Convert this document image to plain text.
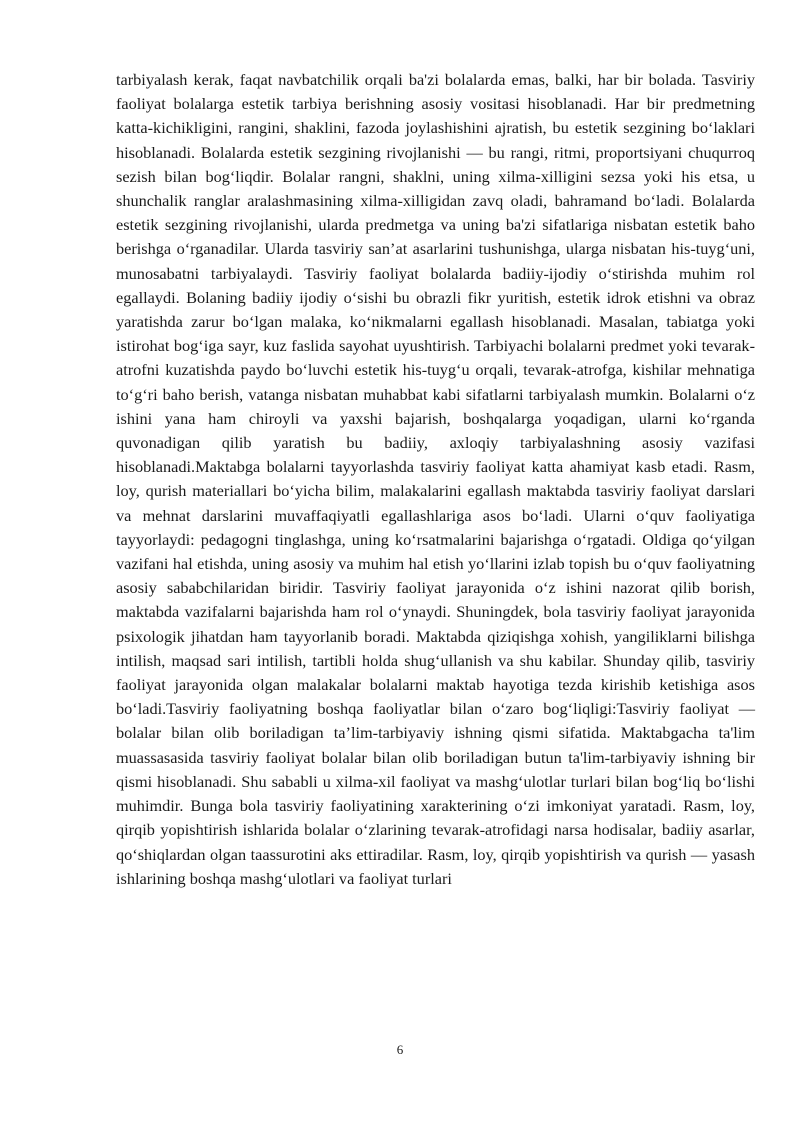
tarbiyalash kerak, faqat navbatchilik orqali ba'zi bolalarda emas, balki, har bir bolada. Tasviriy faoliyat bolalarga estetik tarbiya berishning asosiy vositasi hisoblanadi. Har bir predmetning katta-kichikligini, rangini, shaklini, fazoda joylashishini ajratish, bu estetik sezgining boʻlaklari hisoblanadi. Bolalarda estetik sezgining rivojlanishi — bu rangi, ritmi, proportsiyani chuqurroq sezish bilan bogʻliqdir. Bolalar rangni, shaklni, uning xilma-xilligini sezsa yoki his etsa, u shunchalik ranglar aralashmasining xilma-xilligidan zavq oladi, bahramand boʻladi. Bolalarda estetik sezgining rivojlanishi, ularda predmetga va uning ba'zi sifatlariga nisbatan estetik baho berishga oʻrganadilar. Ularda tasviriy san’at asarlarini tushunishga, ularga nisbatan his-tuygʻuni, munosabatni tarbiyalaydi. Tasviriy faoliyat bolalarda badiiy-ijodiy oʻstirishda muhim rol egallaydi. Bolaning badiiy ijodiy oʻsishi bu obrazli fikr yuritish, estetik idrok etishni va obraz yaratishda zarur boʻlgan malaka, koʻnikmalarni egallash hisoblanadi. Masalan, tabiatga yoki istirohat bogʻiga sayr, kuz faslida sayohat uyushtirish. Tarbiyachi bolalarni predmet yoki tevarak-atrofni kuzatishda paydo boʻluvchi estetik his-tuygʻu orqali, tevarak-atrofga, kishilar mehnatiga toʻgʻri baho berish, vatanga nisbatan muhabbat kabi sifatlarni tarbiyalash mumkin. Bolalarni oʻz ishini yana ham chiroyli va yaxshi bajarish, boshqalarga yoqadigan, ularni koʻrganda quvonadigan qilib yaratish bu badiiy, axloqiy tarbiyalashning asosiy vazifasi hisoblanadi.Maktabga bolalarni tayyorlashda tasviriy faoliyat katta ahamiyat kasb etadi. Rasm, loy, qurish materiallari boʻyicha bilim, malakalarini egallash maktabda tasviriy faoliyat darslari va mehnat darslarini muvaffaqiyatli egallashlariga asos boʻladi. Ularni oʻquv faoliyatiga tayyorlaydi: pedagogni tinglashga, uning koʻrsatmalarini bajarishga oʻrgatadi. Oldiga qoʻyilgan vazifani hal etishda, uning asosiy va muhim hal etish yoʻllarini izlab topish bu oʻquv faoliyatning asosiy sababchilaridan biridir. Tasviriy faoliyat jarayonida oʻz ishini nazorat qilib borish, maktabda vazifalarni bajarishda ham rol oʻynaydi. Shuningdek, bola tasviriy faoliyat jarayonida psixologik jihatdan ham tayyorlanib boradi. Maktabda qiziqishga xohish, yangiliklarni bilishga intilish, maqsad sari intilish, tartibli holda shugʻullanish va shu kabilar. Shunday qilib, tasviriy faoliyat jarayonida olgan malakalar bolalarni maktab hayotiga tezda kirishib ketishiga asos boʻladi.Tasviriy faoliyatning boshqa faoliyatlar bilan oʻzaro bogʻliqligi:Tasviriy faoliyat — bolalar bilan olib boriladigan ta’lim-tarbiyaviy ishning qismi sifatida. Maktabgacha ta'lim muassasasida tasviriy faoliyat bolalar bilan olib boriladigan butun ta'lim-tarbiyaviy ishning bir qismi hisoblanadi. Shu sababli u xilma-xil faoliyat va mashgʻulotlar turlari bilan bogʻliq boʻlishi muhimdir. Bunga bola tasviriy faoliyatining xarakterining oʻzi imkoniyat yaratadi. Rasm, loy, qirqib yopishtirish ishlarida bolalar oʻzlarining tevarak-atrofidagi narsa hodisalar, badiiy asarlar, qoʻshiqlardan olgan taassurotini aks ettiradilar. Rasm, loy, qirqib yopishtirish va qurish — yasash ishlarining boshqa mashgʻulotlari va faoliyat turlari

6
